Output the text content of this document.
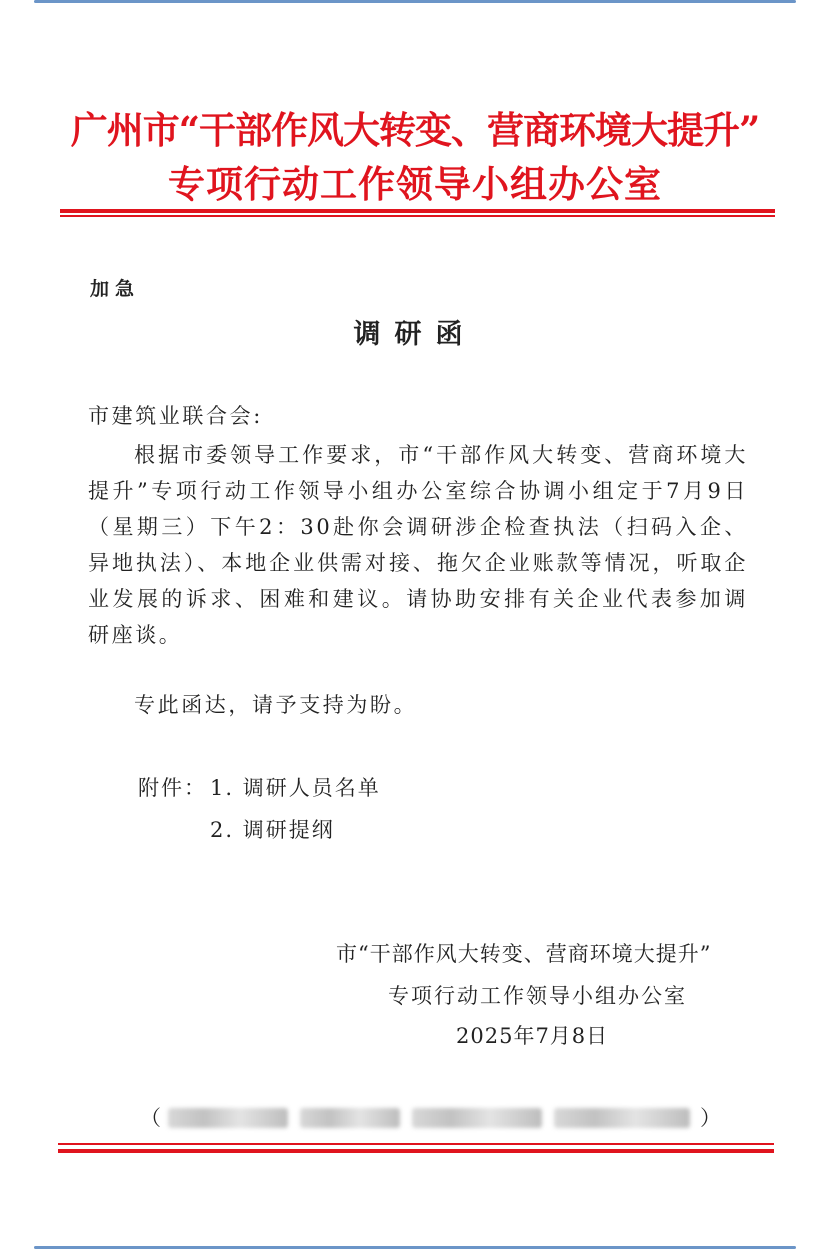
广州市“干部作风大转变、营商环境大提升”
专项行动工作领导小组办公室
加急
调研函
市建筑业联合会:
根据市委领导工作要求，市“干部作风大转变、营商环境大提升”专项行动工作领导小组办公室综合协调小组定于7月9日（星期三）下午2：30赴你会调研涉企检查执法（扫码入企、异地执法）、本地企业供需对接、拖欠企业账款等情况，听取企业发展的诉求、困难和建议。请协助安排有关企业代表参加调研座谈。
专此函达，请予支持为盼。
附件： 1. 调研人员名单
2. 调研提纲
市“干部作风大转变、营商环境大提升”
专项行动工作领导小组办公室
2025年7月8日
（	）
